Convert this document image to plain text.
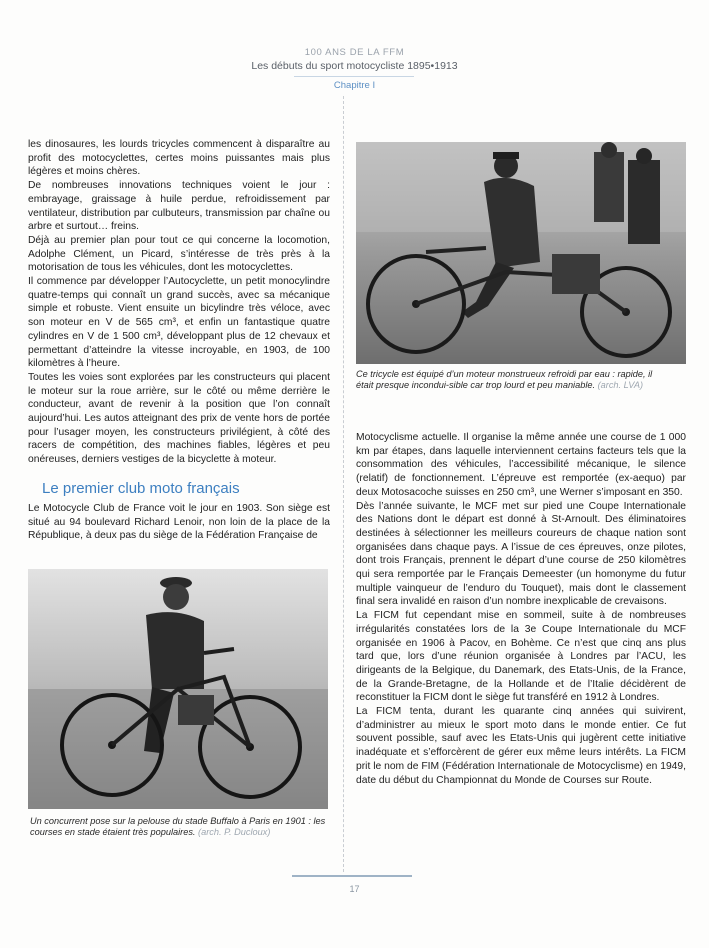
100 ANS DE LA FFM
Les débuts du sport motocycliste 1895•1913
Chapitre I

les dinosaures, les lourds tricycles commencent à disparaître au profit des motocyclettes, certes moins puissantes mais plus légères et moins chères.

De nombreuses innovations techniques voient le jour : embrayage, graissage à huile perdue, refroidissement par ventilateur, distribution par culbuteurs, transmission par chaîne ou arbre et surtout… freins.

Déjà au premier plan pour tout ce qui concerne la locomotion, Adolphe Clément, un Picard, s’intéresse de très près à la motorisation de tous les véhicules, dont les motocyclettes.

Il commence par développer l’Autocyclette, un petit monocylindre quatre-temps qui connaît un grand succès, avec sa mécanique simple et robuste. Vient ensuite un bicylindre très véloce, avec son moteur en V de 565 cm³, et enfin un fantastique quatre cylindres en V de 1 500 cm³, développant plus de 12 chevaux et permettant d’atteindre la vitesse incroyable, en 1903, de 100 kilomètres à l’heure.

Toutes les voies sont explorées par les constructeurs qui placent le moteur sur la roue arrière, sur le côté ou même derrière le conducteur, avant de revenir à la position que l’on connaît aujourd’hui. Les autos atteignant des prix de vente hors de portée pour l’usager moyen, les constructeurs privilégient, à côté des racers de compétition, des machines fiables, légères et peu onéreuses, derniers vestiges de la bicyclette à moteur.

Le premier club moto français

Le Motocycle Club de France voit le jour en 1903. Son siège est situé au 94 boulevard Richard Lenoir, non loin de la place de la République, à deux pas du siège de la Fédération Française de

Ce tricycle est équipé d’un moteur monstrueux refroidi par eau : rapide, il était presque incondui-sible car trop lourd et peu maniable. (arch. LVA)

Motocyclisme actuelle. Il organise la même année une course de 1 000 km par étapes, dans laquelle interviennent certains facteurs tels que la consommation des véhicules, l’accessibilité mécanique, le silence (relatif) de fonctionnement. L’épreuve est remportée (ex-aequo) par deux Motosacoche suisses en 250 cm³, une Werner s’imposant en 350.

Dès l’année suivante, le MCF met sur pied une Coupe Internationale des Nations dont le départ est donné à St-Arnoult. Des éliminatoires destinées à sélectionner les meilleurs coureurs de chaque nation sont organisées dans chaque pays. A l’issue de ces épreuves, onze pilotes, dont trois Français, prennent le départ d’une course de 250 kilomètres qui sera remportée par le Français Demeester (un homonyme du futur multiple vainqueur de l’enduro du Touquet), mais dont le classement final sera invalidé en raison d’un nombre inexplicable de crevaisons.

La FICM fut cependant mise en sommeil, suite à de nombreuses irrégularités constatées lors de la 3e Coupe Internationale du MCF organisée en 1906 à Pacov, en Bohème. Ce n’est que cinq ans plus tard que, lors d’une réunion organisée à Londres par l’ACU, les dirigeants de la Belgique, du Danemark, des Etats-Unis, de la France, de la Grande-Bretagne, de la Hollande et de l’Italie décidèrent de reconstituer la FICM dont le siège fut transféré en 1912 à Londres.

La FICM tenta, durant les quarante cinq années qui suivirent, d’administrer au mieux le sport moto dans le monde entier. Ce fut souvent possible, sauf avec les Etats-Unis qui jugèrent cette initiative inadéquate et s’efforcèrent de gérer eux même leurs intérêts. La FICM prit le nom de FIM (Fédération Internationale de Motocyclisme) en 1949, date du début du Championnat du Monde de Courses sur Route.

Un concurrent pose sur la pelouse du stade Buffalo à Paris en 1901 : les courses en stade étaient très populaires. (arch. P. Ducloux)
17
